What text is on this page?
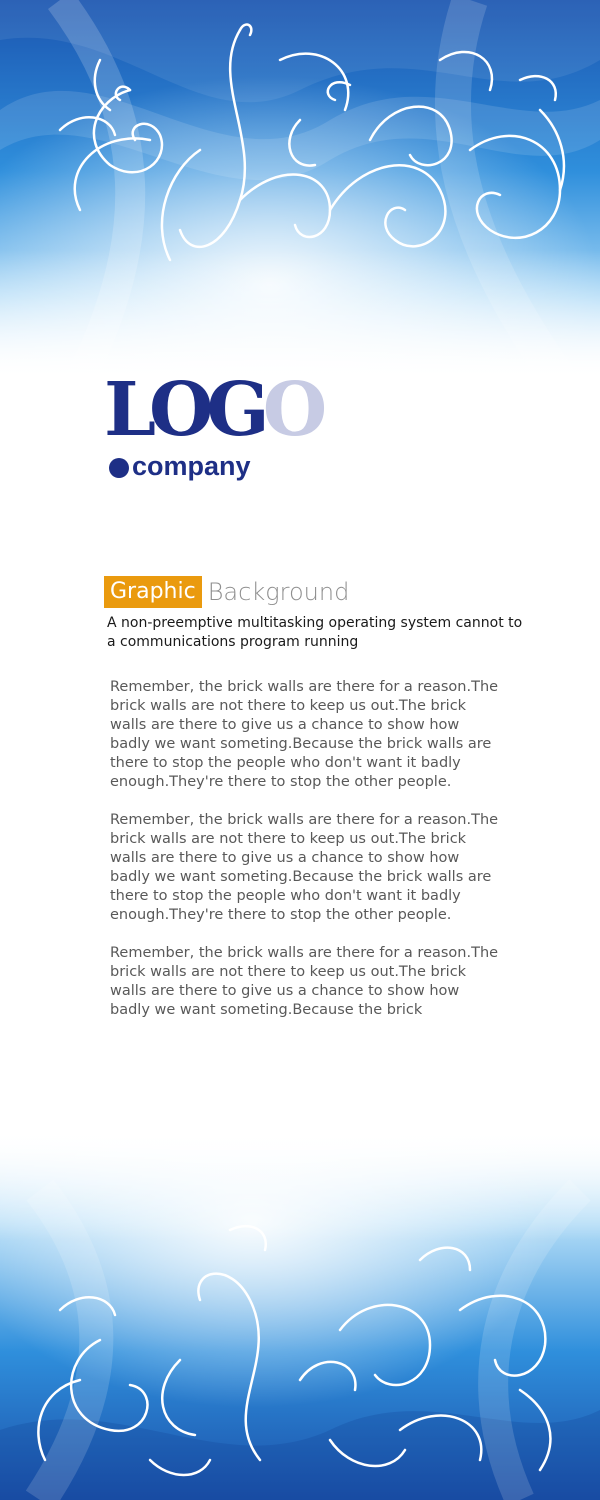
LOGO
company
Graphic Background

A non-preemptive multitasking operating system cannot to a communications program running

Remember, the brick walls are there for a reason.The brick walls are not there to keep us out.The brick walls are there to give us a chance to show how badly we want someting.Because the brick walls are there to stop the people who don't want it badly enough.They're there to stop the other people.

Remember, the brick walls are there for a reason.The brick walls are not there to keep us out.The brick walls are there to give us a chance to show how badly we want someting.Because the brick walls are there to stop the people who don't want it badly enough.They're there to stop the other people.

Remember, the brick walls are there for a reason.The brick walls are not there to keep us out.The brick walls are there to give us a chance to show how badly we want someting.Because the brick
